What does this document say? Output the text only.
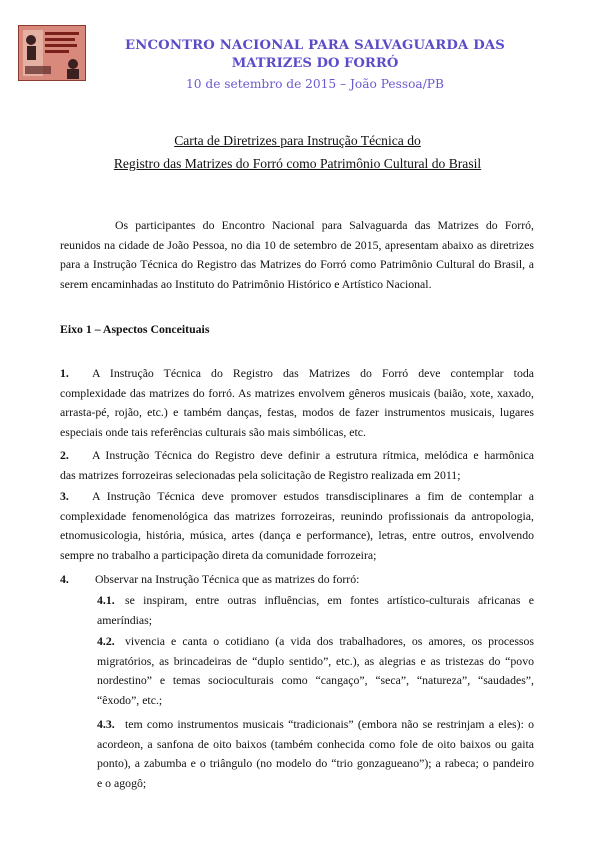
ENCONTRO NACIONAL PARA SALVAGUARDA DAS
MATRIZES DO FORRÓ
10 de setembro de 2015 – João Pessoa/PB
Carta de Diretrizes para Instrução Técnica do
Registro das Matrizes do Forró como Patrimônio Cultural do Brasil
Os participantes do Encontro Nacional para Salvaguarda das Matrizes do Forró,
reunidos na cidade de João Pessoa, no dia 10 de setembro de 2015, apresentam abaixo as diretrizes
para a Instrução Técnica do Registro das Matrizes do Forró como Patrimônio Cultural do Brasil, a
serem encaminhadas ao Instituto do Patrimônio Histórico e Artístico Nacional.
Eixo 1 – Aspectos Conceituais
1.	A Instrução Técnica do Registro das Matrizes do Forró deve contemplar toda
complexidade das matrizes do forró. As matrizes envolvem gêneros musicais (baião, xote, xaxado,
arrasta-pé, rojão, etc.) e também danças, festas, modos de fazer instrumentos musicais, lugares
especiais onde tais referências culturais são mais simbólicas, etc.
2.	A Instrução Técnica do Registro deve definir a estrutura rítmica, melódica e harmônica
das matrizes forrozeiras selecionadas pela solicitação de Registro realizada em 2011;
3.	A Instrução Técnica deve promover estudos transdisciplinares a fim de contemplar a
complexidade fenomenológica das matrizes forrozeiras, reunindo profissionais da antropologia,
etnomusicologia, história, música, artes (dança e performance), letras, entre outros, envolvendo
sempre no trabalho a participação direta da comunidade forrozeira;
4. Observar na Instrução Técnica que as matrizes do forró:
4.1. se inspiram, entre outras influências, em fontes artístico-culturais africanas e
ameríndias;
4.2. vivencia e canta o cotidiano (a vida dos trabalhadores, os amores, os processos
migratórios, as brincadeiras de “duplo sentido”, etc.), as alegrias e as tristezas do “povo
nordestino” e temas socioculturais como “cangaço”, “seca”, “natureza”, “saudades”,
“êxodo”, etc.;
4.3. tem como instrumentos musicais “tradicionais” (embora não se restrinjam a eles): o
acordeon, a sanfona de oito baixos (também conhecida como fole de oito baixos ou gaita
ponto), a zabumba e o triângulo (no modelo do “trio gonzagueano”); a rabeca; o pandeiro
e o agogô;
